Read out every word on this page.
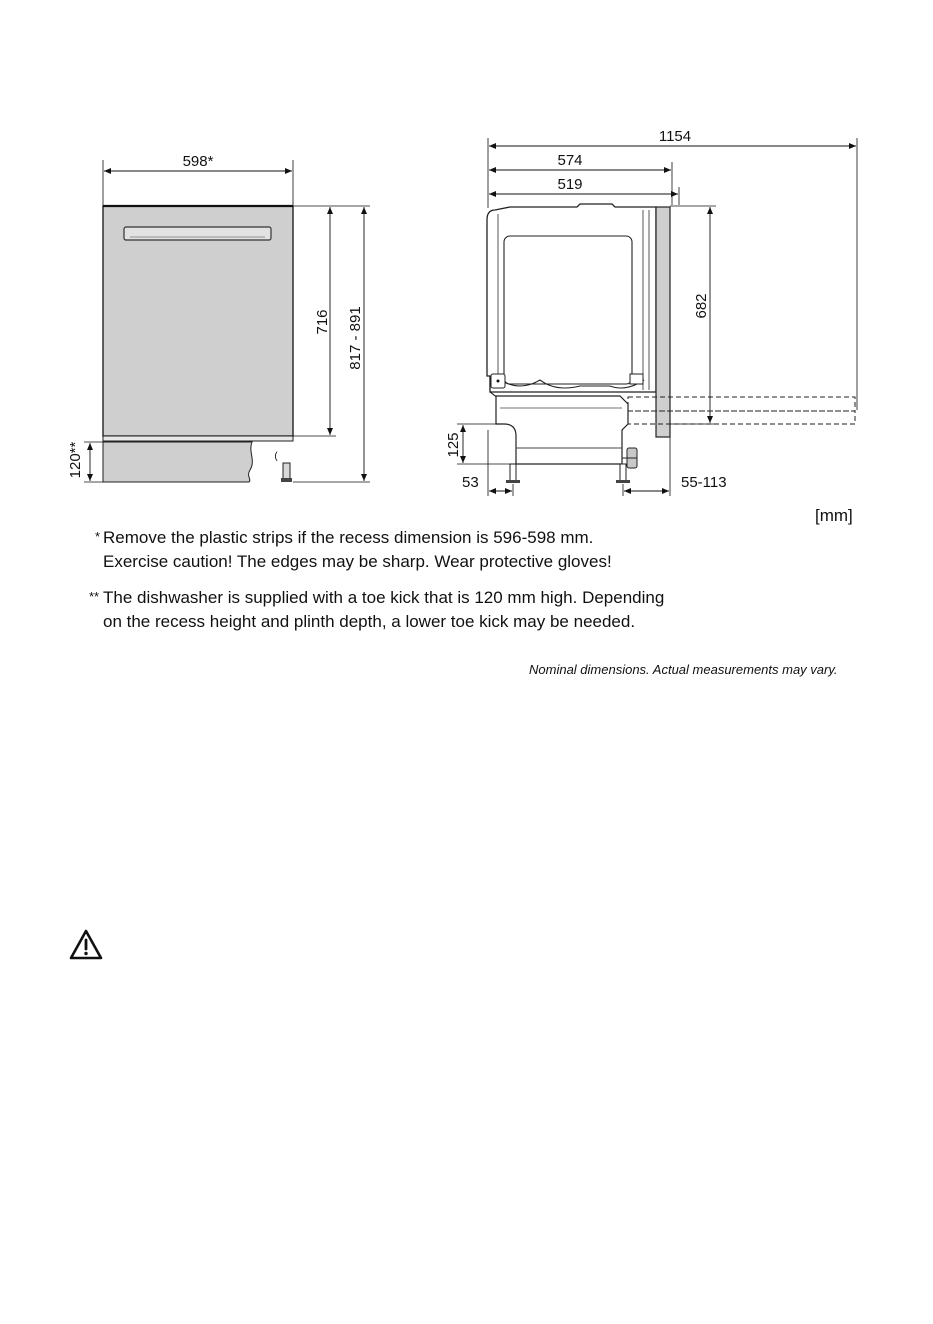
598*
(
716 817 - 891
120**
1154
574
519
682
125
53	55-113
[mm]
* Remove the plastic strips if the recess dimension is 596-598 mm.
Exercise caution! The edges may be sharp. Wear protective gloves!
** The dishwasher is supplied with a toe kick that is 120 mm high. Depending
on the recess height and plinth depth, a lower toe kick may be needed.
Nominal dimensions. Actual measurements may vary.
